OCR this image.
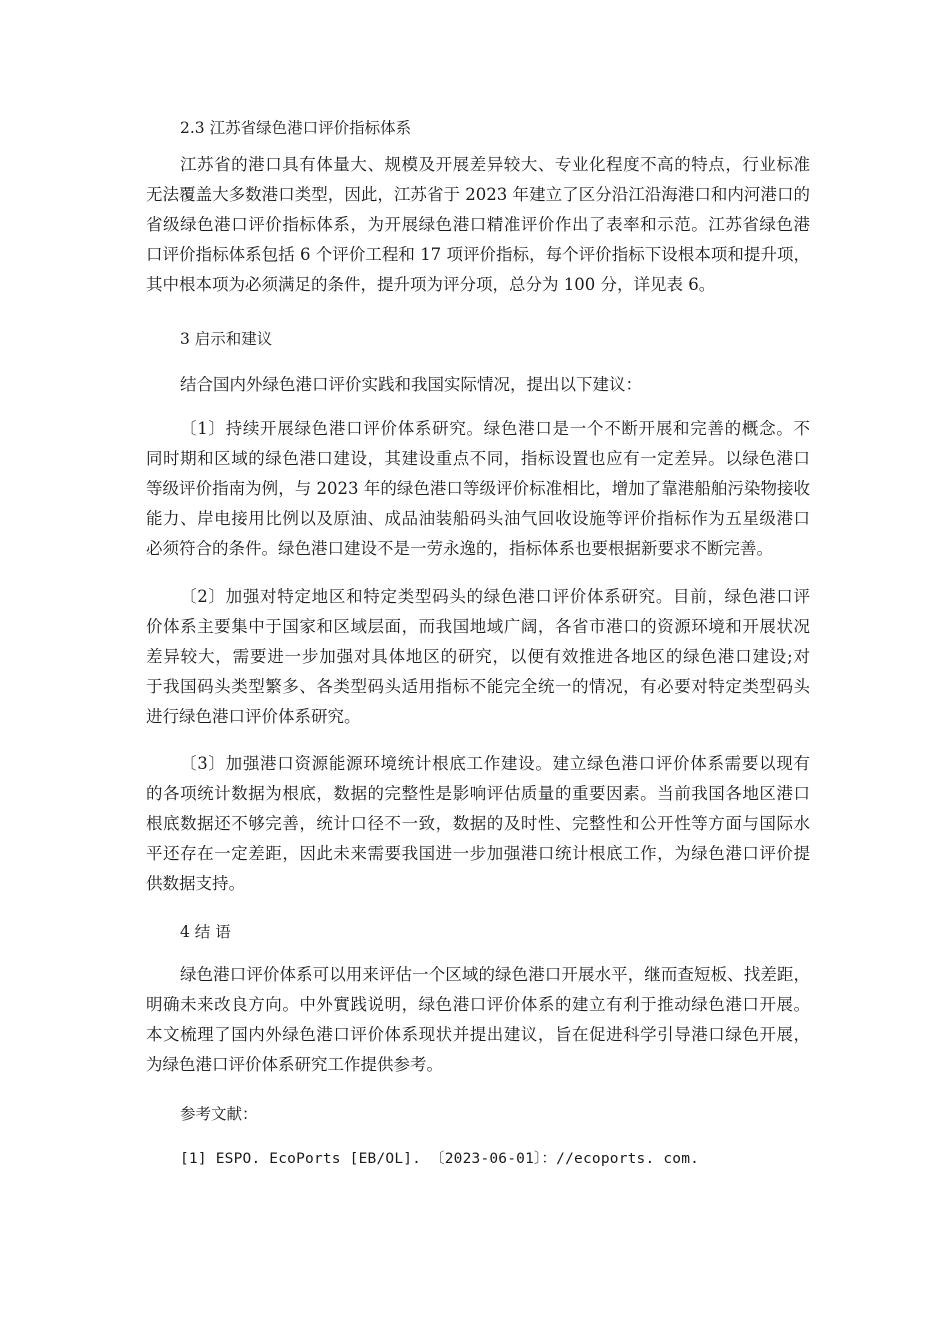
2.3 江苏省绿色港口评价指标体系

江苏省的港口具有体量大、规模及开展差异较大、专业化程度不高的特点，行业标准
无法覆盖大多数港口类型，因此，江苏省于 2023 年建立了区分沿江沿海港口和内河港口的
省级绿色港口评价指标体系，为开展绿色港口精准评价作出了表率和示范。江苏省绿色港
口评价指标体系包括 6 个评价工程和 17 项评价指标，每个评价指标下设根本项和提升项，
其中根本项为必须满足的条件，提升项为评分项，总分为 100 分，详见表 6。

3 启示和建议

结合国内外绿色港口评价实践和我国实际情况，提出以下建议：

〔1〕持续开展绿色港口评价体系研究。绿色港口是一个不断开展和完善的概念。不
同时期和区域的绿色港口建设，其建设重点不同，指标设置也应有一定差异。以绿色港口
等级评价指南为例，与 2023 年的绿色港口等级评价标准相比，增加了靠港船舶污染物接收
能力、岸电接用比例以及原油、成品油装船码头油气回收设施等评价指标作为五星级港口
必须符合的条件。绿色港口建设不是一劳永逸的，指标体系也要根据新要求不断完善。
〔2〕加强对特定地区和特定类型码头的绿色港口评价体系研究。目前，绿色港口评
价体系主要集中于国家和区域层面，而我国地域广阔，各省市港口的资源环境和开展状况
差异较大，需要进一步加强对具体地区的研究，以便有效推进各地区的绿色港口建设;对
于我国码头类型繁多、各类型码头适用指标不能完全统一的情况，有必要对特定类型码头
进行绿色港口评价体系研究。
〔3〕加强港口资源能源环境统计根底工作建设。建立绿色港口评价体系需要以现有
的各项统计数据为根底，数据的完整性是影响评估质量的重要因素。当前我国各地区港口
根底数据还不够完善，统计口径不一致，数据的及时性、完整性和公开性等方面与国际水
平还存在一定差距，因此未来需要我国进一步加强港口统计根底工作，为绿色港口评价提
供数据支持。

4 结 语

绿色港口评价体系可以用来评估一个区域的绿色港口开展水平，继而查短板、找差距，
明确未来改良方向。中外實践说明，绿色港口评价体系的建立有利于推动绿色港口开展。
本文梳理了国内外绿色港口评价体系现状并提出建议，旨在促进科学引导港口绿色开展，
为绿色港口评价体系研究工作提供参考。

参考文献：

[1] ESPO. EcoPorts [EB/OL]. 〔2023-06-01〕：//ecoports. com.
